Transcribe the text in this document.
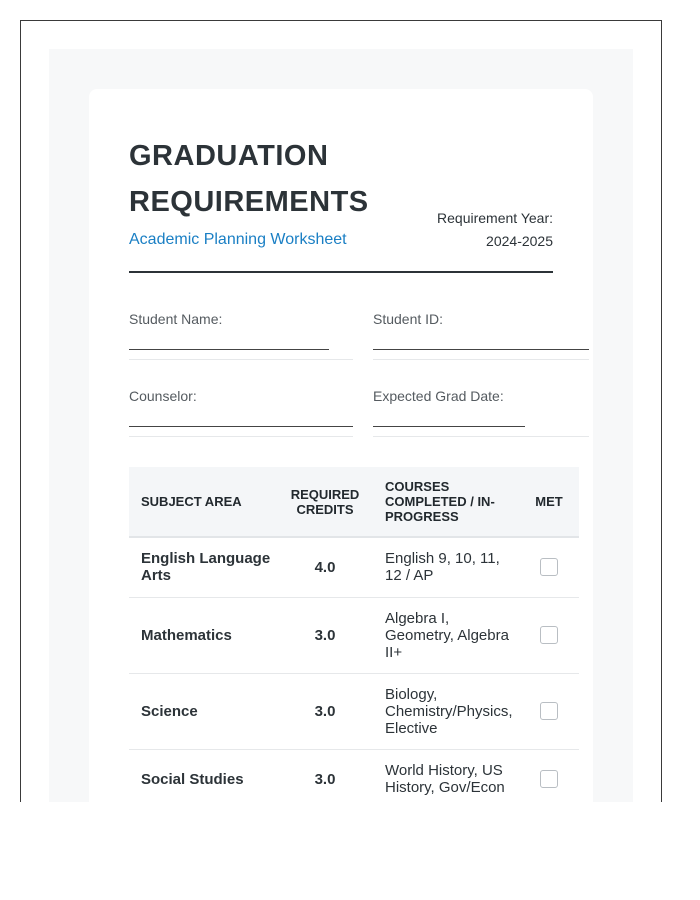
GRADUATION REQUIREMENTS
Academic Planning Worksheet
Requirement Year:
2024-2025
Student Name:	Student ID:
Counselor:	Expected Grad Date:
SUBJECT AREA	REQUIRED CREDITS	COURSES COMPLETED / IN-PROGRESS	MET
English Language Arts	4.0	English 9, 10, 11, 12 / AP	
Mathematics	3.0	Algebra I, Geometry, Algebra II+	
Science	3.0	Biology, Chemistry/Physics, Elective	
Social Studies	3.0	World History, US History, Gov/Econ	
